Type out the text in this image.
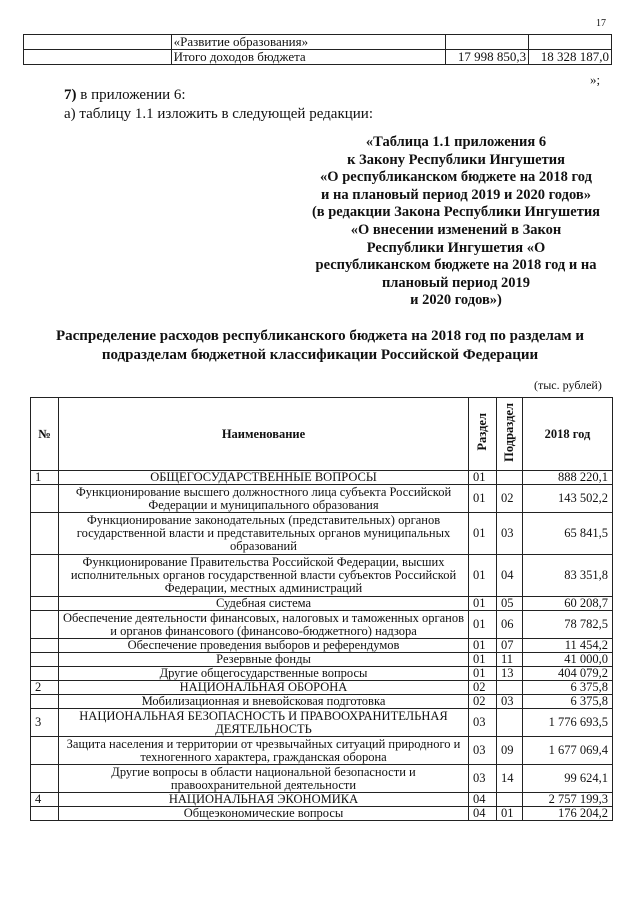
17
	«Развитие образования»		
	Итого доходов бюджета	17 998 850,3	18 328 187,0
»;
7) в приложении 6:
а) таблицу 1.1 изложить в следующей редакции:
«Таблица 1.1 приложения 6
к Закону Республики Ингушетия
«О республиканском бюджете на 2018 год
и на плановый период 2019 и 2020 годов»
(в редакции Закона Республики Ингушетия
«О внесении изменений в Закон
Республики Ингушетия «О
республиканском бюджете на 2018 год и на
плановый период 2019
и 2020 годов»)
Распределение расходов республиканского бюджета на 2018 год по разделам и
подразделам бюджетной классификации Российской Федерации
(тыс. рублей)
№	Наименование	Раздел	Подраздел	2018 год
1	ОБЩЕГОСУДАРСТВЕННЫЕ ВОПРОСЫ	01		888 220,1
	Функционирование высшего должностного лица субъекта Российской Федерации и муниципального образования	01	02	143 502,2
	Функционирование законодательных (представительных) органов государственной власти и представительных органов муниципальных образований	01	03	65 841,5
	Функционирование Правительства Российской Федерации, высших исполнительных органов государственной власти субъектов Российской Федерации, местных администраций	01	04	83 351,8
	Судебная система	01	05	60 208,7
	Обеспечение деятельности финансовых, налоговых и таможенных органов и органов финансового (финансово-бюджетного) надзора	01	06	78 782,5
	Обеспечение проведения выборов и референдумов	01	07	11 454,2
	Резервные фонды	01	11	41 000,0
	Другие общегосударственные вопросы	01	13	404 079,2
2	НАЦИОНАЛЬНАЯ ОБОРОНА	02		6 375,8
	Мобилизационная и вневойсковая подготовка	02	03	6 375,8
3	НАЦИОНАЛЬНАЯ БЕЗОПАСНОСТЬ И ПРАВООХРАНИТЕЛЬНАЯ ДЕЯТЕЛЬНОСТЬ	03		1 776 693,5
	Защита населения и территории от чрезвычайных ситуаций природного и техногенного характера, гражданская оборона	03	09	1 677 069,4
	Другие вопросы в области национальной безопасности и правоохранительной деятельности	03	14	99 624,1
4	НАЦИОНАЛЬНАЯ ЭКОНОМИКА	04		2 757 199,3
	Общеэкономические вопросы	04	01	176 204,2
